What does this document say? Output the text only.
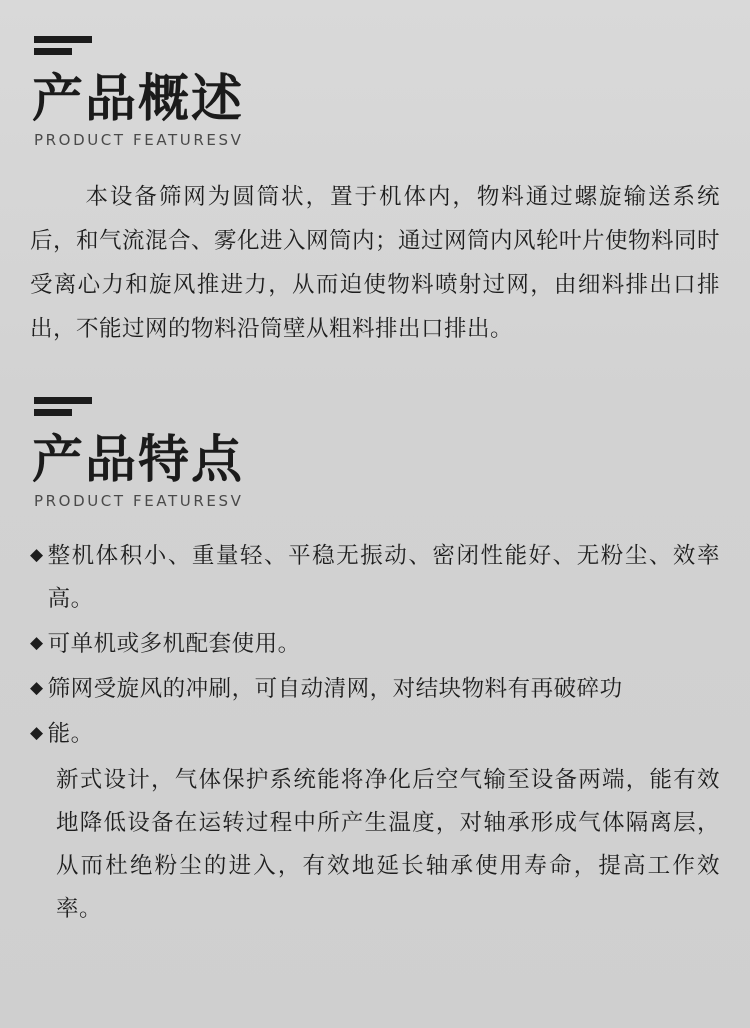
产品概述
PRODUCT FEATURESV
本设备筛网为圆筒状，置于机体内，物料通过螺旋输送系统后，和气流混合、雾化进入网筒内；通过网筒内风轮叶片使物料同时受离心力和旋风推进力，从而迫使物料喷射过网，由细料排出口排出，不能过网的物料沿筒壁从粗料排出口排出。
产品特点
PRODUCT FEATURESV
◆ 整机体积小、重量轻、平稳无振动、密闭性能好、无粉尘、效率高。
◆ 可单机或多机配套使用。
◆ 筛网受旋风的冲刷，可自动清网，对结块物料有再破碎功
◆ 能。
新式设计，气体保护系统能将净化后空气输至设备两端，能有效地降低设备在运转过程中所产生温度，对轴承形成气体隔离层，从而杜绝粉尘的进入，有效地延长轴承使用寿命，提高工作效率。
